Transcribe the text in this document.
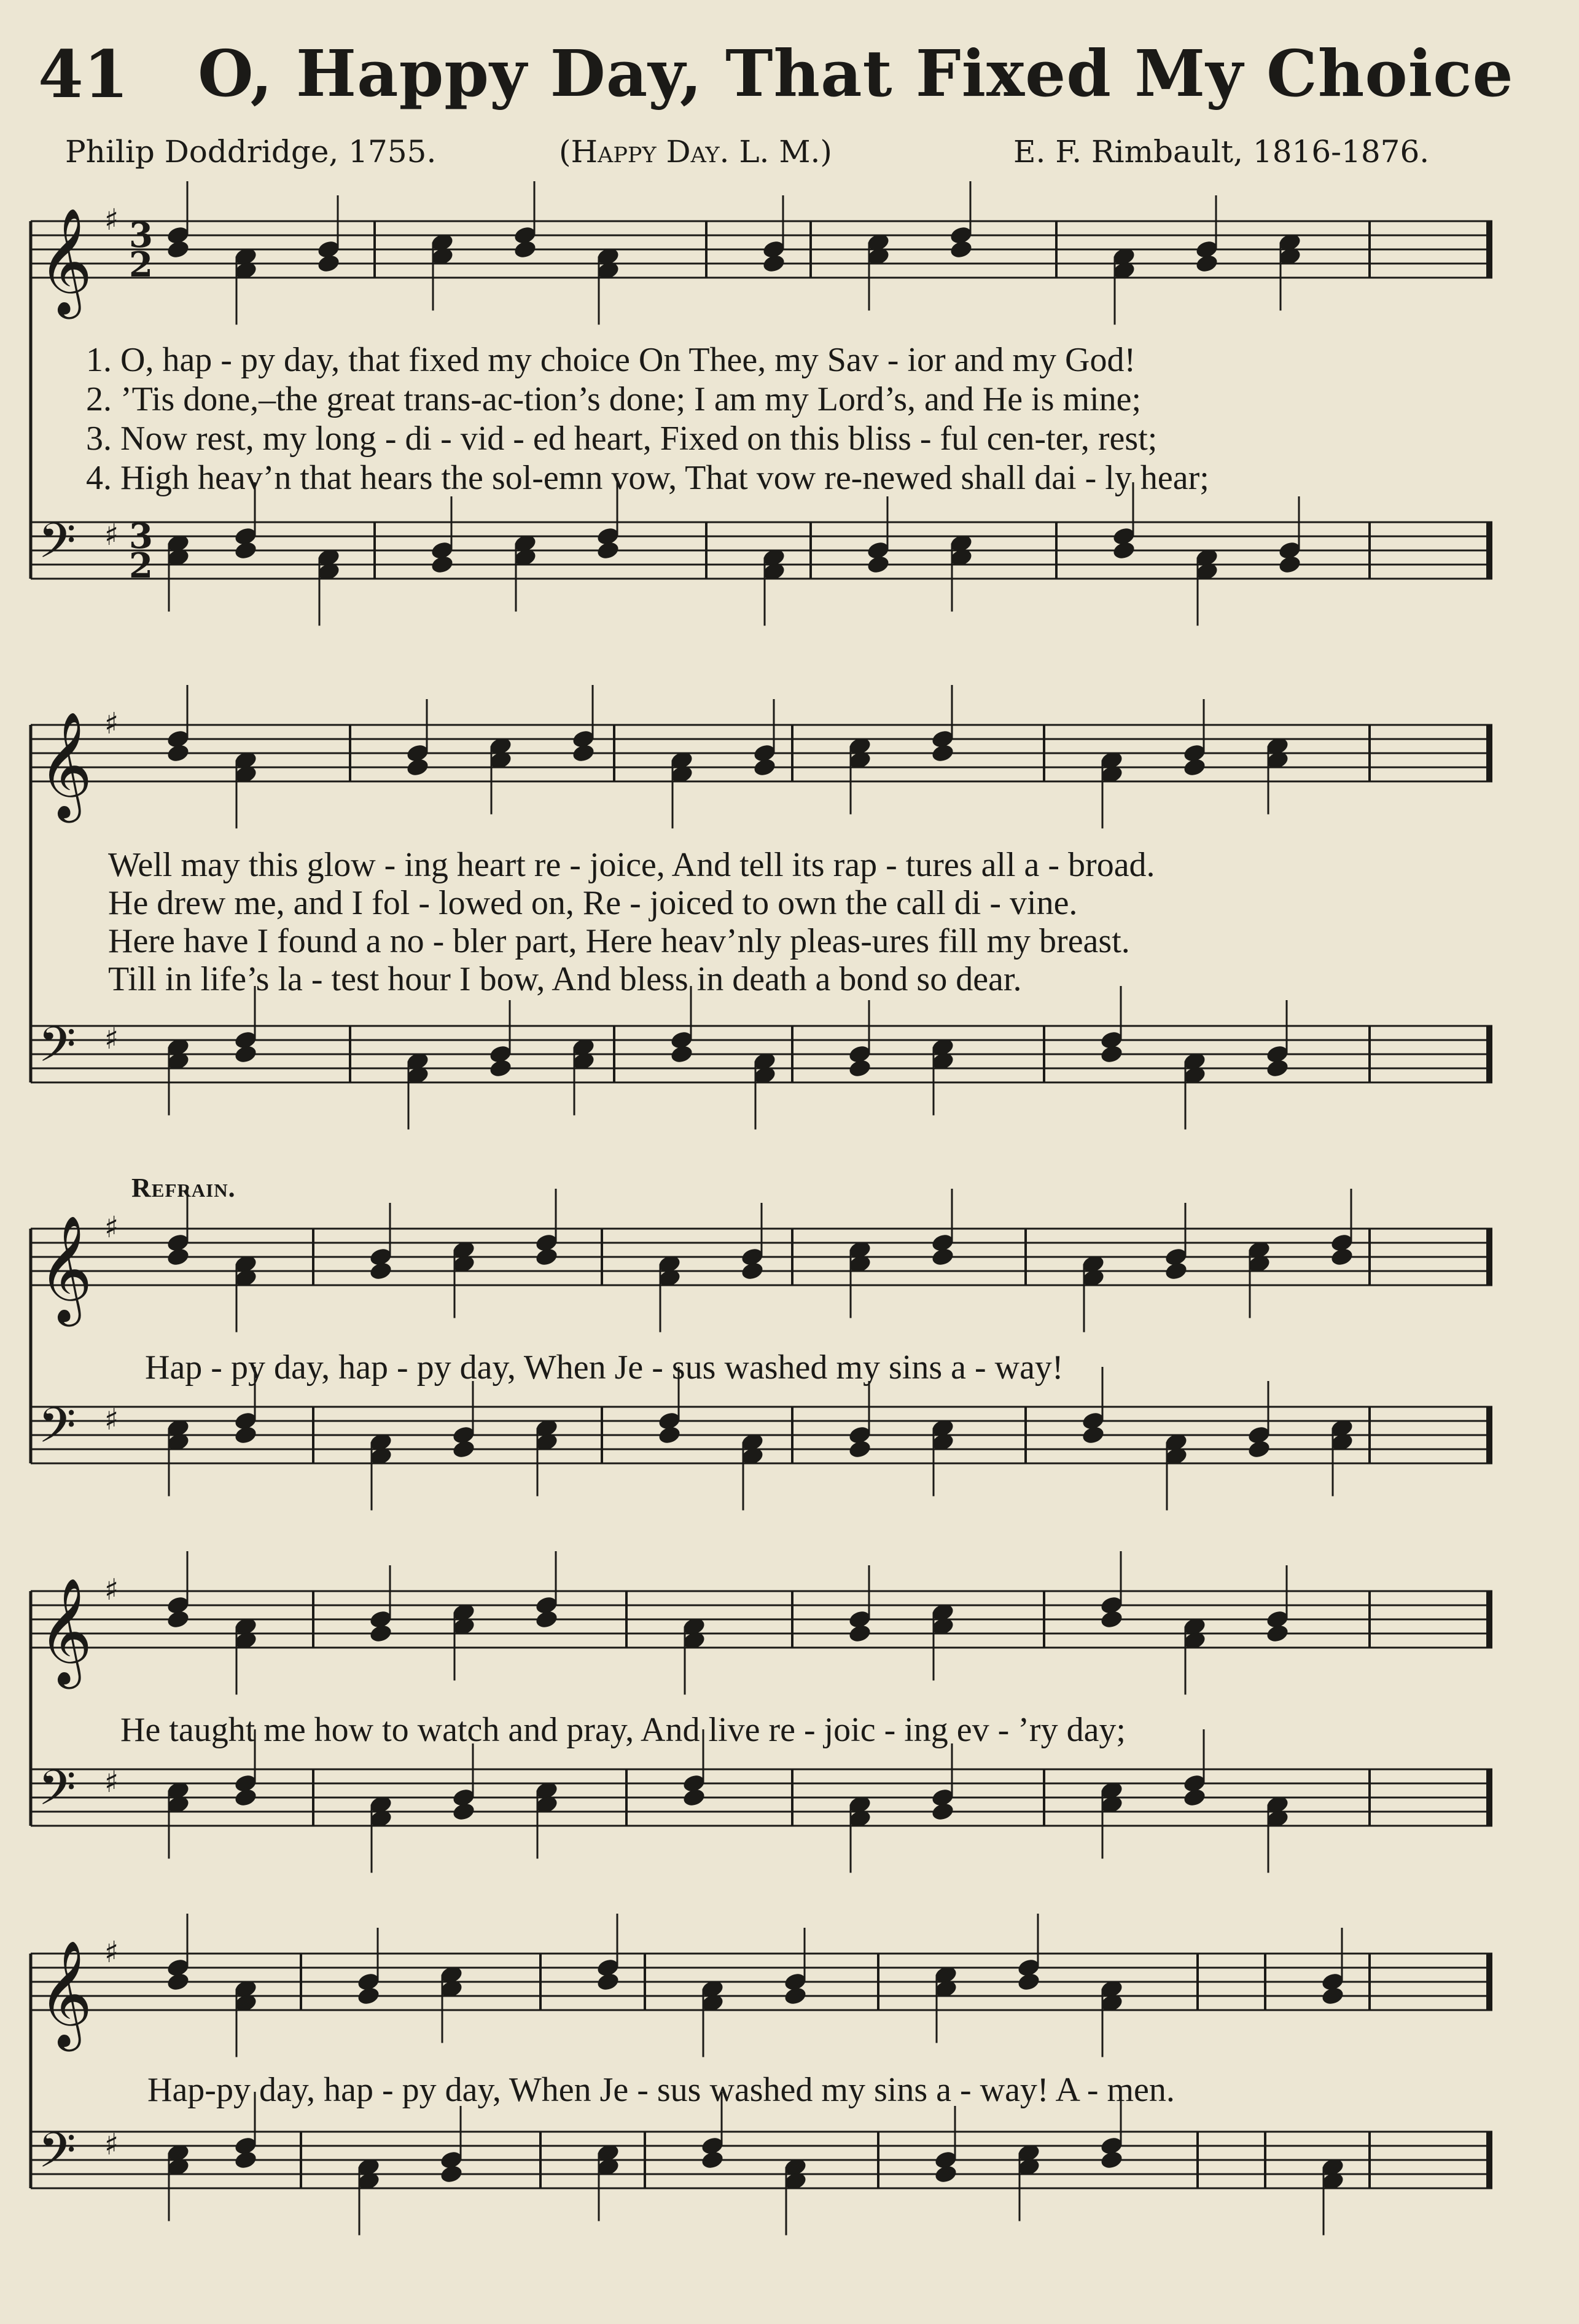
41 O, Happy Day, That Fixed My Choice
Philip Doddridge, 1755.	(Happy Day. L. M.)	E. F. Rimbault, 1816-1876.
𝄞 ♯ 3
2
𝄞 ♯
𝄞 ♯
𝄞 ♯
𝄞 ♯
𝄢 ♯ 3
2
𝄢 ♯
𝄢 ♯
𝄢 ♯
𝄢 ♯
1. O, hap - py day, that fixed my choice On Thee, my Sav - ior and my God!
2. ’Tis done,–the great trans-ac-tion’s done; I am my Lord’s, and He is mine;
3. Now rest, my long - di - vid - ed heart, Fixed on this bliss - ful cen-ter, rest;
4. High heav’n that hears the sol-emn vow, That vow re-newed shall dai - ly hear;
Well may this glow - ing heart re - joice, And tell its rap - tures all a - broad.
He drew me, and I fol - lowed on, Re - joiced to own the call di - vine.
Here have I found a no - bler part, Here heav’nly pleas-ures fill my breast.
Till in life’s la - test hour I bow, And bless in death a bond so dear.
Refrain.
Hap - py day, hap - py day, When Je - sus washed my sins a - way!
He taught me how to watch and pray, And live re - joic - ing ev - ’ry day;
Hap-py day, hap - py day, When Je - sus washed my sins a - way! A - men.
